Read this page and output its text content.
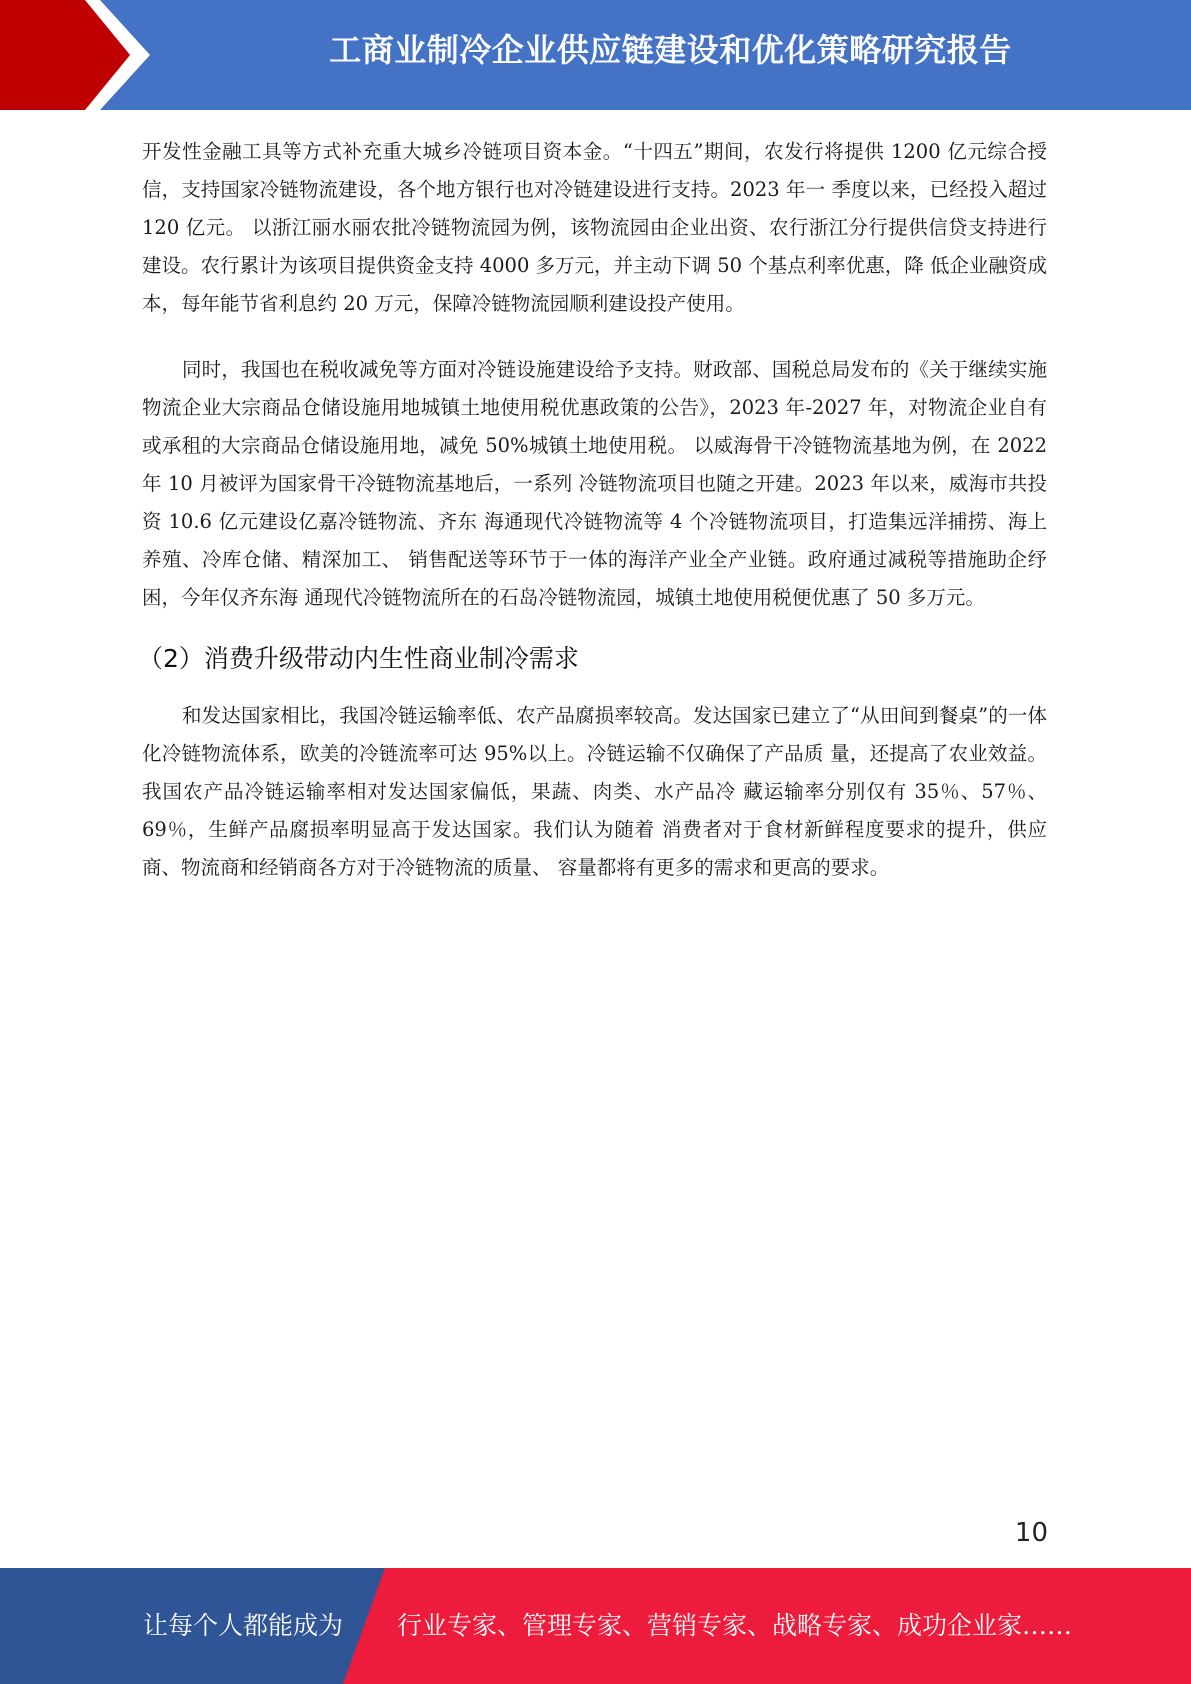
工商业制冷企业供应链建设和优化策略研究报告

开发性金融工具等方式补充重大城乡冷链项目资本金。“十四五”期间，农发行将提供 1200 亿元综合授信，支持国家冷链物流建设，各个地方银行也对冷链建设进行支持。2023 年一 季度以来，已经投入超过 120 亿元。 以浙江丽水丽农批冷链物流园为例，该物流园由企业出资、农行浙江分行提供信贷支持进行 建设。农行累计为该项目提供资金支持 4000 多万元，并主动下调 50 个基点利率优惠，降 低企业融资成本，每年能节省利息约 20 万元，保障冷链物流园顺利建设投产使用。

同时，我国也在税收减免等方面对冷链设施建设给予支持。财政部、国税总局发布的《关于继续实施物流企业大宗商品仓储设施用地城镇土地使用税优惠政策的公告》，2023 年-2027 年，对物流企业自有或承租的大宗商品仓储设施用地，减免 50%城镇土地使用税。 以威海骨干冷链物流基地为例，在 2022 年 10 月被评为国家骨干冷链物流基地后，一系列 冷链物流项目也随之开建。2023 年以来，威海市共投资 10.6 亿元建设亿嘉冷链物流、齐东 海通现代冷链物流等 4 个冷链物流项目，打造集远洋捕捞、海上养殖、冷库仓储、精深加工、 销售配送等环节于一体的海洋产业全产业链。政府通过减税等措施助企纾困，今年仅齐东海 通现代冷链物流所在的石岛冷链物流园，城镇土地使用税便优惠了 50 多万元。

（2）消费升级带动内生性商业制冷需求

和发达国家相比，我国冷链运输率低、农产品腐损率较高。发达国家已建立了“从田间到餐桌”的一体化冷链物流体系，欧美的冷链流率可达 95%以上。冷链运输不仅确保了产品质 量，还提高了农业效益。我国农产品冷链运输率相对发达国家偏低，果蔬、肉类、水产品冷 藏运输率分别仅有 35％、57％、69％，生鲜产品腐损率明显高于发达国家。我们认为随着 消费者对于食材新鲜程度要求的提升，供应商、物流商和经销商各方对于冷链物流的质量、 容量都将有更多的需求和更高的要求。

10
让每个人都能成为 行业专家、管理专家、营销专家、战略专家、成功企业家……
